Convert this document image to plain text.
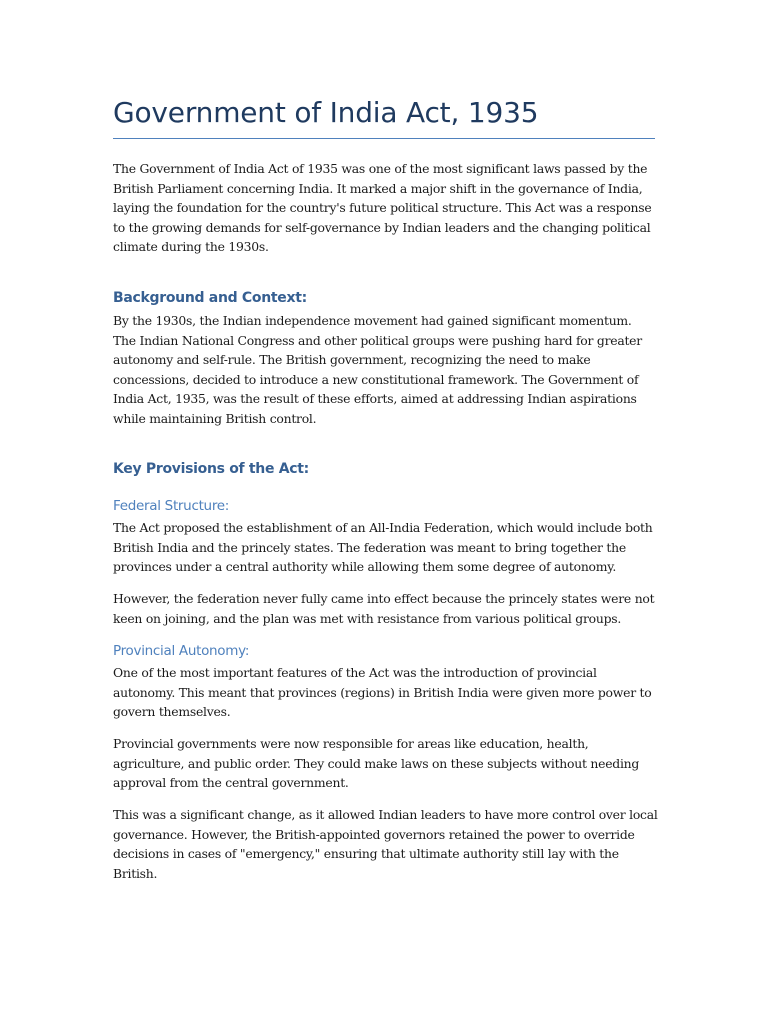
Government of India Act, 1935

The Government of India Act of 1935 was one of the most significant laws passed by the British Parliament concerning India. It marked a major shift in the governance of India, laying the foundation for the country's future political structure. This Act was a response to the growing demands for self-governance by Indian leaders and the changing political climate during the 1930s.

Background and Context:

By the 1930s, the Indian independence movement had gained significant momentum. The Indian National Congress and other political groups were pushing hard for greater autonomy and self-rule. The British government, recognizing the need to make concessions, decided to introduce a new constitutional framework. The Government of India Act, 1935, was the result of these efforts, aimed at addressing Indian aspirations while maintaining British control.

Key Provisions of the Act:
Federal Structure:

The Act proposed the establishment of an All-India Federation, which would include both British India and the princely states. The federation was meant to bring together the provinces under a central authority while allowing them some degree of autonomy.

However, the federation never fully came into effect because the princely states were not keen on joining, and the plan was met with resistance from various political groups.

Provincial Autonomy:

One of the most important features of the Act was the introduction of provincial autonomy. This meant that provinces (regions) in British India were given more power to govern themselves.

Provincial governments were now responsible for areas like education, health, agriculture, and public order. They could make laws on these subjects without needing approval from the central government.

This was a significant change, as it allowed Indian leaders to have more control over local governance. However, the British-appointed governors retained the power to override decisions in cases of "emergency," ensuring that ultimate authority still lay with the British.
